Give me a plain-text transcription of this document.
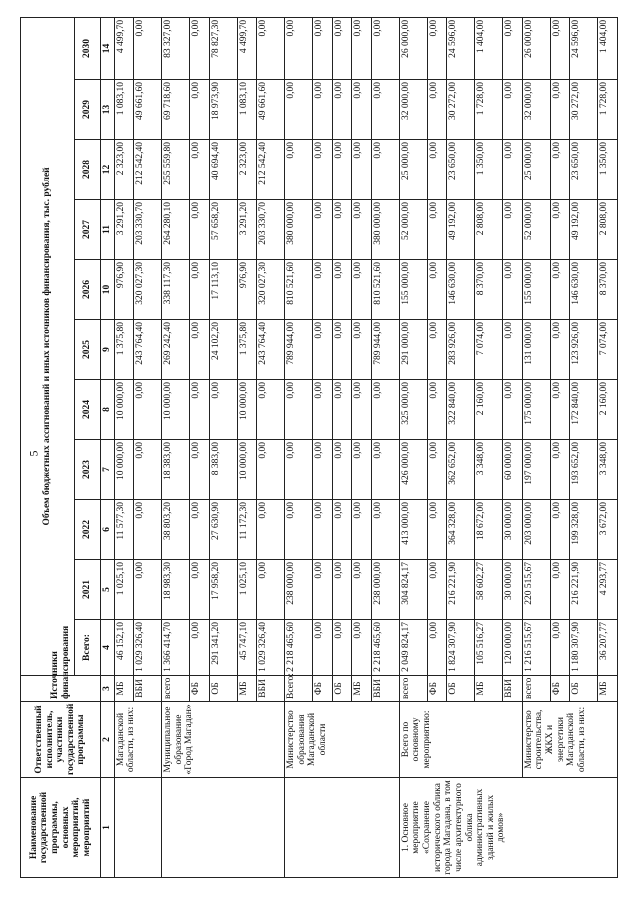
5
Наименование государственной программы, основных мероприятий, мероприятий	Ответственный исполнитель, участники государственной программы	Источники финансирования	Объем бюджетных ассигнований и иных источников финансирования, тыс. рублей										
			Всего:	2021	2022	2023	2024	2025	2026	2027	2028	2029	2030
1	2	3	4	5	6	7	8	9	10	11	12	13	14
	Магаданской области, из них:	МБ	46 152,10	1 025,10	11 577,30	10 000,00	10 000,00	1 375,80	976,90	3 291,20	2 323,00	1 083,10	4 499,70
		ВБИ	1 029 326,40	0,00	0,00	0,00	0,00	243 764,40	320 027,30	203 330,70	212 542,40	49 661,60	0,00
	Муниципальное образование «Город Магадан»	всего	1 366 414,70	18 983,30	38 803,20	18 383,00	10 000,00	269 242,40	338 117,30	264 280,10	255 559,80	69 718,60	83 327,00
		ФБ	0,00	0,00	0,00	0,00	0,00	0,00	0,00	0,00	0,00	0,00	0,00
		ОБ	291 341,20	17 958,20	27 630,90	8 383,00	0,00	24 102,20	17 113,10	57 658,20	40 694,40	18 973,90	78 827,30
		МБ	45 747,10	1 025,10	11 172,30	10 000,00	10 000,00	1 375,80	976,90	3 291,20	2 323,00	1 083,10	4 499,70
		ВБИ	1 029 326,40	0,00	0,00	0,00	0,00	243 764,40	320 027,30	203 330,70	212 542,40	49 661,60	0,00
	Министерство образования Магаданской области	Всего:	2 218 465,60	238 000,00	0,00	0,00	0,00	789 944,00	810 521,60	380 000,00	0,00	0,00	0,00
		ФБ	0,00	0,00	0,00	0,00	0,00	0,00	0,00	0,00	0,00	0,00	0,00
		ОБ	0,00	0,00	0,00	0,00	0,00	0,00	0,00	0,00	0,00	0,00	0,00
		МБ	0,00	0,00	0,00	0,00	0,00	0,00	0,00	0,00	0,00	0,00	0,00
		ВБИ	2 218 465,60	238 000,00	0,00	0,00	0,00	789 944,00	810 521,60	380 000,00	0,00	0,00	0,00
1. Основное мероприятие «Сохранение исторического облика города Магадана, в том числе архитектурного облика административных зданий и жилых домов»	Всего по основному мероприятию:	всего	2 049 824,17	304 824,17	413 000,00	426 000,00	325 000,00	291 000,00	155 000,00	52 000,00	25 000,00	32 000,00	26 000,00
		ФБ	0,00	0,00	0,00	0,00	0,00	0,00	0,00	0,00	0,00	0,00	0,00
		ОБ	1 824 307,90	216 221,90	364 328,00	362 652,00	322 840,00	283 926,00	146 630,00	49 192,00	23 650,00	30 272,00	24 596,00
		МБ	105 516,27	58 602,27	18 672,00	3 348,00	2 160,00	7 074,00	8 370,00	2 808,00	1 350,00	1 728,00	1 404,00
		ВБИ	120 000,00	30 000,00	30 000,00	60 000,00	0,00	0,00	0,00	0,00	0,00	0,00	0,00
	Министерство строительства, ЖКХ и энергетики Магаданской области, из них:	всего	1 216 515,67	220 515,67	203 000,00	197 000,00	175 000,00	131 000,00	155 000,00	52 000,00	25 000,00	32 000,00	26 000,00
		ФБ	0,00	0,00	0,00	0,00	0,00	0,00	0,00	0,00	0,00	0,00	0,00
		ОБ	1 180 307,90	216 221,90	199 328,00	193 652,00	172 840,00	123 926,00	146 630,00	49 192,00	23 650,00	30 272,00	24 596,00
		МБ	36 207,77	4 293,77	3 672,00	3 348,00	2 160,00	7 074,00	8 370,00	2 808,00	1 350,00	1 728,00	1 404,00
